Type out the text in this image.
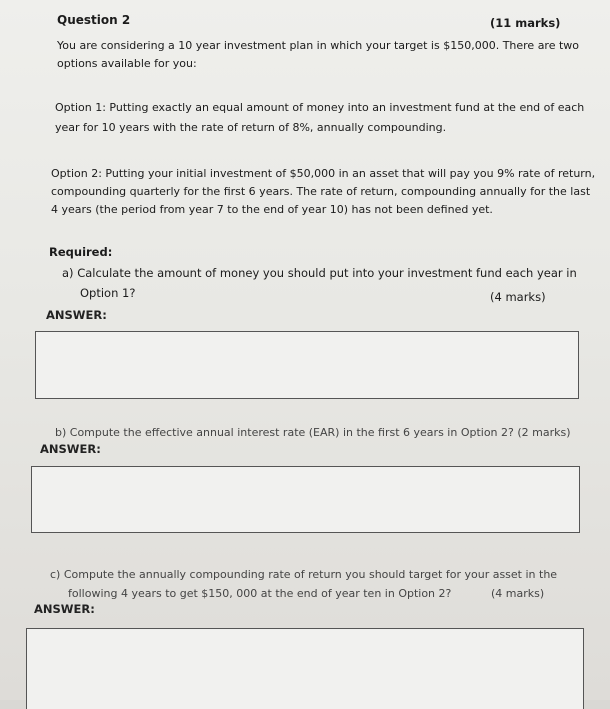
Question 2	(11 marks)
You are considering a 10 year investment plan in which your target is $150,000. There are two
options available for you:
Option 1: Putting exactly an equal amount of money into an investment fund at the end of each
year for 10 years with the rate of return of 8%, annually compounding.
Option 2: Putting your initial investment of $50,000 in an asset that will pay you 9% rate of return,
compounding quarterly for the first 6 years. The rate of return, compounding annually for the last
4 years (the period from year 7 to the end of year 10) has not been defined yet.
Required:
a) Calculate the amount of money you should put into your investment fund each year in
Option 1?	(4 marks)
ANSWER:
b) Compute the effective annual interest rate (EAR) in the first 6 years in Option 2? (2 marks)
ANSWER:
c) Compute the annually compounding rate of return you should target for your asset in the
following 4 years to get $150, 000 at the end of year ten in Option 2?	(4 marks)
ANSWER:
